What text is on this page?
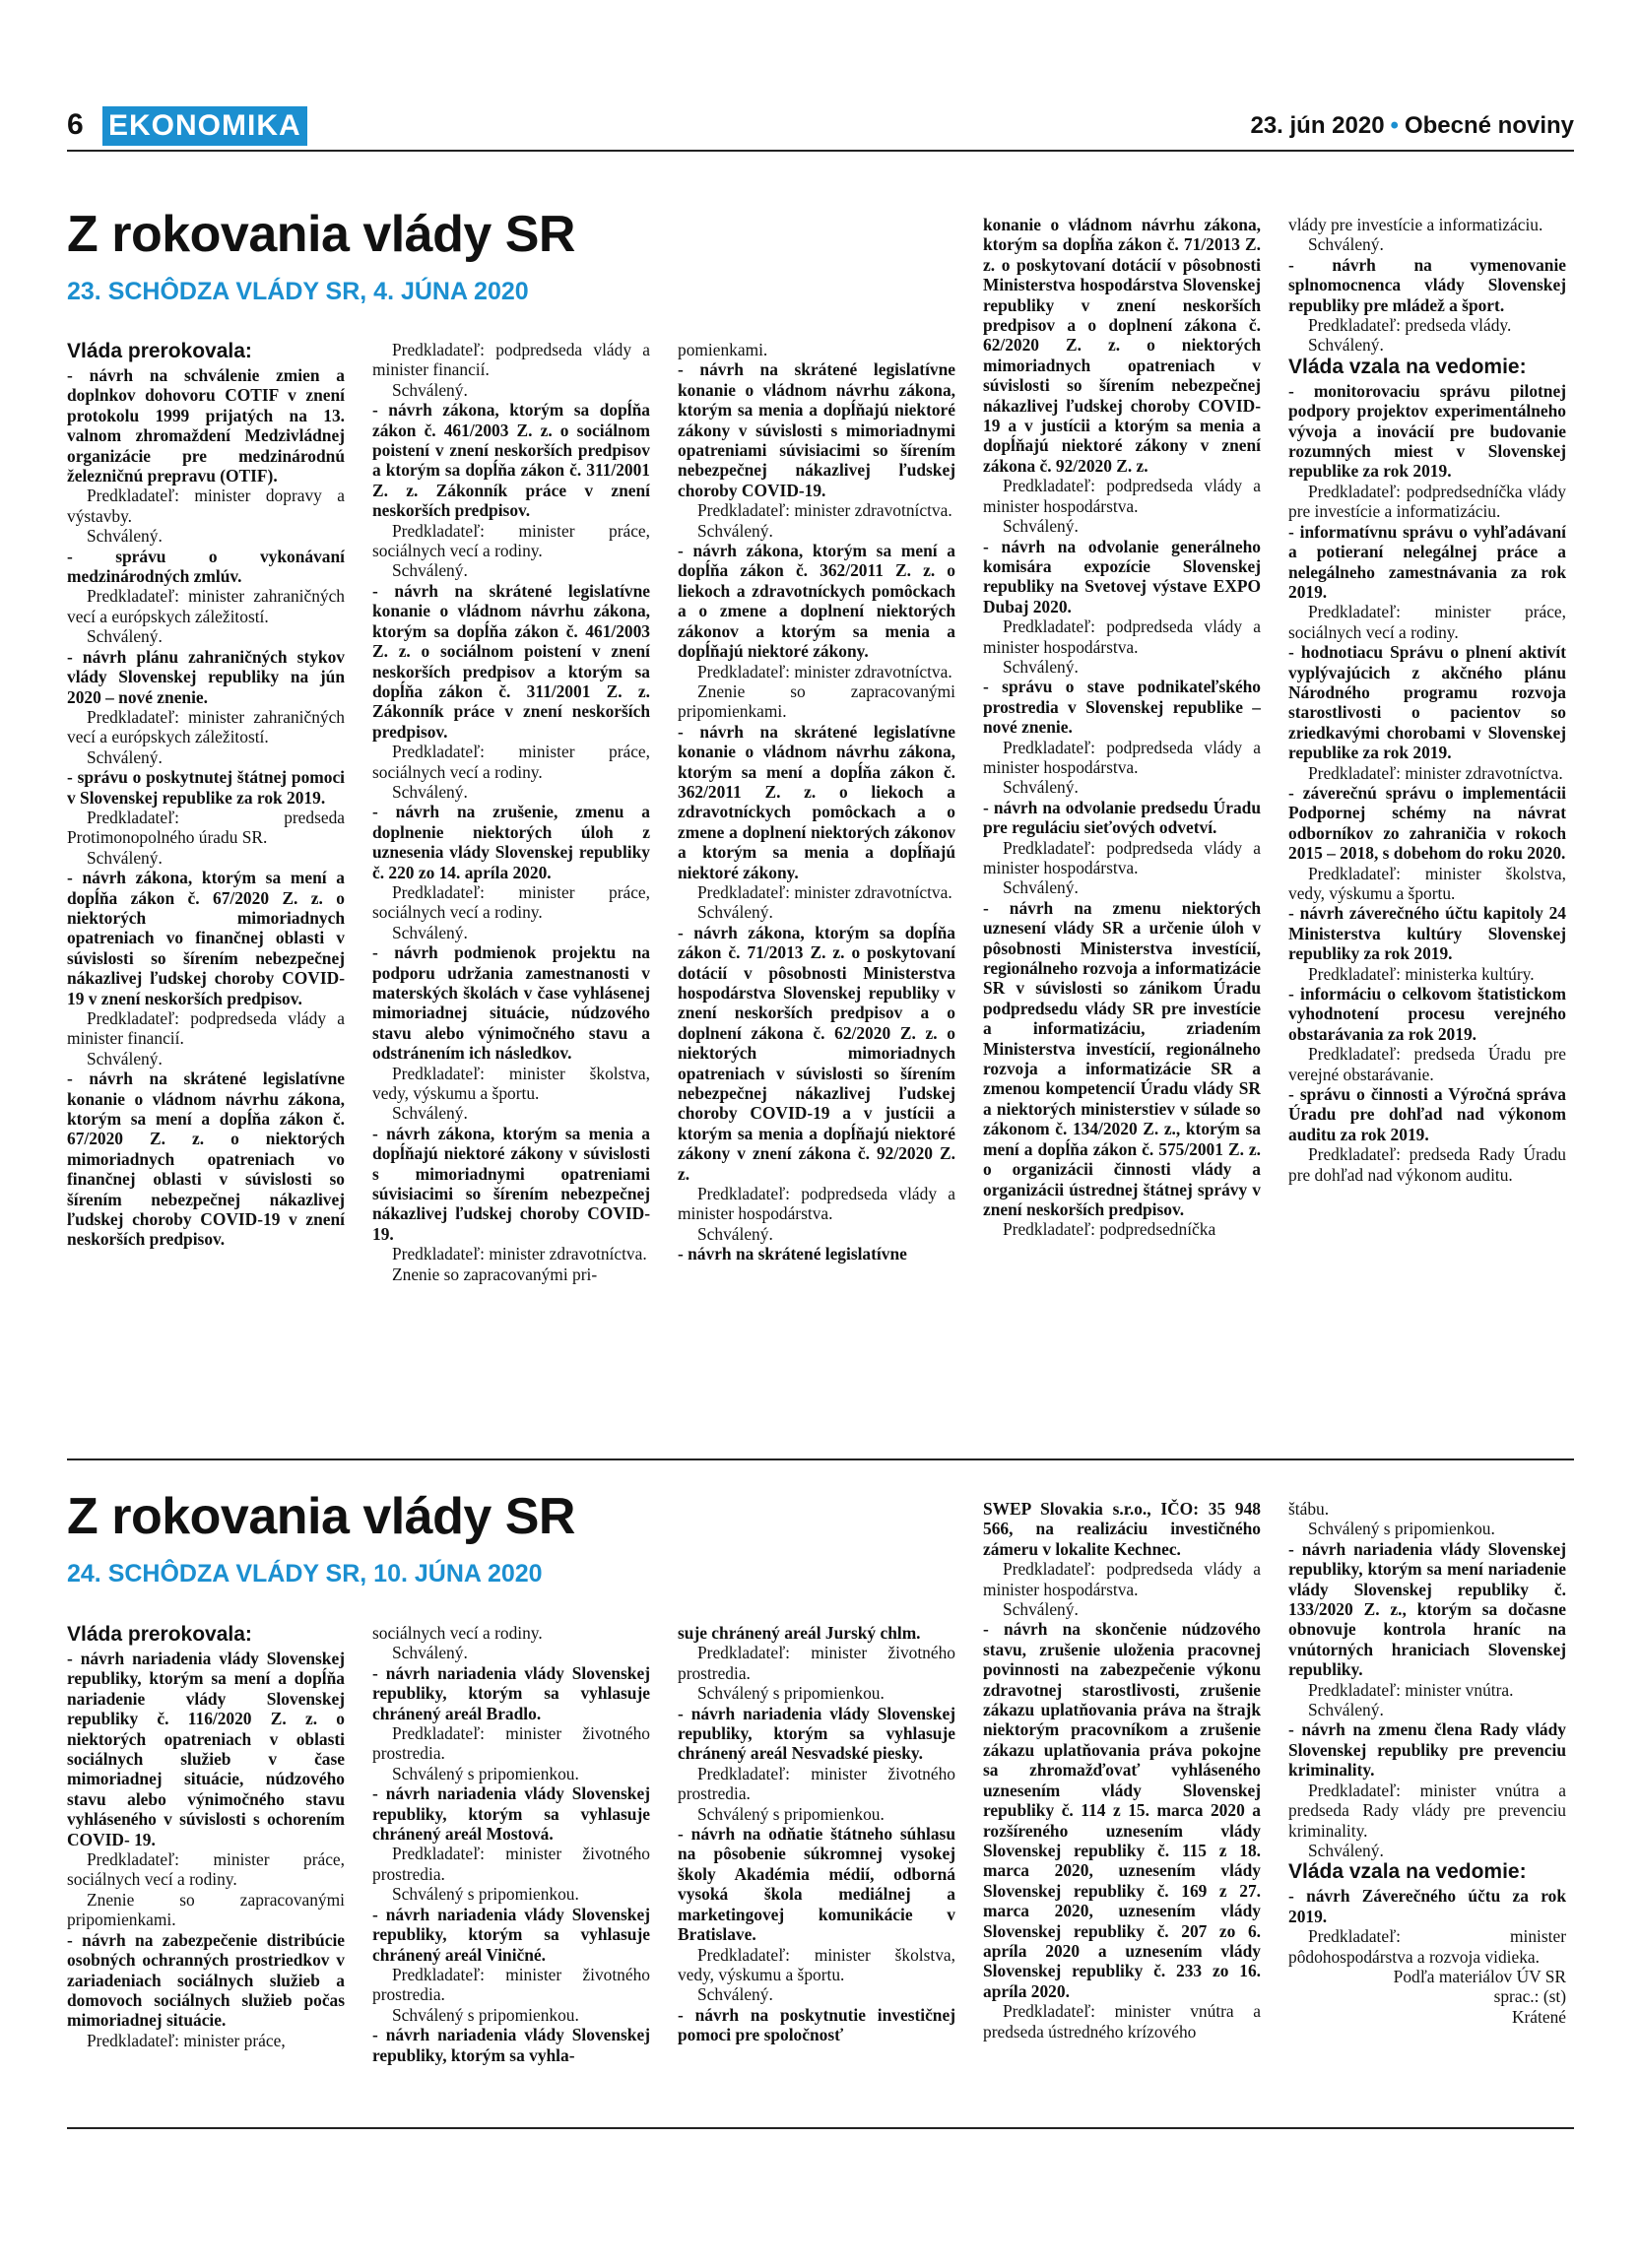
6 EKONOMIKA	23. jún 2020 • Obecné noviny
Z rokovania vlády SR
23. SCHÔDZA VLÁDY SR, 4. JÚNA 2020

Vláda prerokovala:

- návrh na schválenie zmien a doplnkov dohovoru COTIF v znení protokolu 1999 prijatých na 13. valnom zhromaždení Medzivládnej organizácie pre medzinárodnú železničnú prepravu (OTIF).

Predkladateľ: minister dopravy a výstavby.

Schválený.

- správu o vykonávaní medzinárodných zmlúv.

Predkladateľ: minister zahraničných vecí a európskych záležitostí.

Schválený.

- návrh plánu zahraničných stykov vlády Slovenskej republiky na jún 2020 – nové znenie.

Predkladateľ: minister zahraničných vecí a európskych záležitostí.

Schválený.

- správu o poskytnutej štátnej pomoci v Slovenskej republike za rok 2019.

Predkladateľ: predseda Protimonopolného úradu SR.

Schválený.

- návrh zákona, ktorým sa mení a dopĺňa zákon č. 67/2020 Z. z. o niektorých mimoriadnych opatreniach vo finančnej oblasti v súvislosti so šírením nebezpečnej nákazlivej ľudskej choroby COVID-19 v znení neskorších predpisov.

Predkladateľ: podpredseda vlády a minister financií.

Schválený.

- návrh na skrátené legislatívne konanie o vládnom návrhu zákona, ktorým sa mení a dopĺňa zákon č. 67/2020 Z. z. o niektorých mimoriadnych opatreniach vo finančnej oblasti v súvislosti so šírením nebezpečnej nákazlivej ľudskej choroby COVID-19 v znení neskorších predpisov.

Predkladateľ: podpredseda vlády a minister financií.

Schválený.

- návrh zákona, ktorým sa dopĺňa zákon č. 461/2003 Z. z. o sociálnom poistení v znení neskorších predpisov a ktorým sa dopĺňa zákon č. 311/2001 Z. z. Zákonník práce v znení neskorších predpisov.

Predkladateľ: minister práce, sociálnych vecí a rodiny.

Schválený.

- návrh na skrátené legislatívne konanie o vládnom návrhu zákona, ktorým sa dopĺňa zákon č. 461/2003 Z. z. o sociálnom poistení v znení neskorších predpisov a ktorým sa dopĺňa zákon č. 311/2001 Z. z. Zákonník práce v znení neskorších predpisov.

Predkladateľ: minister práce, sociálnych vecí a rodiny.

Schválený.

- návrh na zrušenie, zmenu a doplnenie niektorých úloh z uznesenia vlády Slovenskej republiky č. 220 zo 14. apríla 2020.

Predkladateľ: minister práce, sociálnych vecí a rodiny.

Schválený.

- návrh podmienok projektu na podporu udržania zamestnanosti v materských školách v čase vyhlásenej mimoriadnej situácie, núdzového stavu alebo výnimočného stavu a odstránením ich následkov.

Predkladateľ: minister školstva, vedy, výskumu a športu.

Schválený.

- návrh zákona, ktorým sa menia a dopĺňajú niektoré zákony v súvislosti s mimoriadnymi opatreniami súvisiacimi so šírením nebezpečnej nákazlivej ľudskej choroby COVID-19.

Predkladateľ: minister zdravotníctva.

Znenie so zapracovanými pri-

pomienkami.

- návrh na skrátené legislatívne konanie o vládnom návrhu zákona, ktorým sa menia a dopĺňajú niektoré zákony v súvislosti s mimoriadnymi opatreniami súvisiacimi so šírením nebezpečnej nákazlivej ľudskej choroby COVID-19.

Predkladateľ: minister zdravotníctva.

Schválený.

- návrh zákona, ktorým sa mení a dopĺňa zákon č. 362/2011 Z. z. o liekoch a zdravotníckych pomôckach a o zmene a doplnení niektorých zákonov a ktorým sa menia a dopĺňajú niektoré zákony.

Predkladateľ: minister zdravotníctva.

Znenie so zapracovanými pripomienkami.

- návrh na skrátené legislatívne konanie o vládnom návrhu zákona, ktorým sa mení a dopĺňa zákon č. 362/2011 Z. z. o liekoch a zdravotníckych pomôckach a o zmene a doplnení niektorých zákonov a ktorým sa menia a dopĺňajú niektoré zákony.

Predkladateľ: minister zdravotníctva.

Schválený.

- návrh zákona, ktorým sa dopĺňa zákon č. 71/2013 Z. z. o poskytovaní dotácií v pôsobnosti Ministerstva hospodárstva Slovenskej republiky v znení neskorších predpisov a o doplnení zákona č. 62/2020 Z. z. o niektorých mimoriadnych opatreniach v súvislosti so šírením nebezpečnej nákazlivej ľudskej choroby COVID-19 a v justícii a ktorým sa menia a dopĺňajú niektoré zákony v znení zákona č. 92/2020 Z. z.

Predkladateľ: podpredseda vlády a minister hospodárstva.

Schválený.

- návrh na skrátené legislatívne

konanie o vládnom návrhu zákona, ktorým sa dopĺňa zákon č. 71/2013 Z. z. o poskytovaní dotácií v pôsobnosti Ministerstva hospodárstva Slovenskej republiky v znení neskorších predpisov a o doplnení zákona č. 62/2020 Z. z. o niektorých mimoriadnych opatreniach v súvislosti so šírením nebezpečnej nákazlivej ľudskej choroby COVID-19 a v justícii a ktorým sa menia a dopĺňajú niektoré zákony v znení zákona č. 92/2020 Z. z.

Predkladateľ: podpredseda vlády a minister hospodárstva.

Schválený.

- návrh na odvolanie generálneho komisára expozície Slovenskej republiky na Svetovej výstave EXPO Dubaj 2020.

Predkladateľ: podpredseda vlády a minister hospodárstva.

Schválený.

- správu o stave podnikateľského prostredia v Slovenskej republike – nové znenie.

Predkladateľ: podpredseda vlády a minister hospodárstva.

Schválený.

- návrh na odvolanie predsedu Úradu pre reguláciu sieťových odvetví.

Predkladateľ: podpredseda vlády a minister hospodárstva.

Schválený.

- návrh na zmenu niektorých uznesení vlády SR a určenie úloh v pôsobnosti Ministerstva investícií, regionálneho rozvoja a informatizácie SR v súvislosti so zánikom Úradu podpredsedu vlády SR pre investície a informatizáciu, zriadením Ministerstva investícií, regionálneho rozvoja a informatizácie SR a zmenou kompetencií Úradu vlády SR a niektorých ministerstiev v súlade so zákonom č. 134/2020 Z. z., ktorým sa mení a dopĺňa zákon č. 575/2001 Z. z. o organizácii činnosti vlády a organizácii ústrednej štátnej správy v znení neskorších predpisov.

Predkladateľ: podpredsedníčka

vlády pre investície a informatizáciu.

Schválený.

- návrh na vymenovanie splnomocnenca vlády Slovenskej republiky pre mládež a šport.

Predkladateľ: predseda vlády.

Schválený.

Vláda vzala na vedomie:

- monitorovaciu správu pilotnej podpory projektov experimentálneho vývoja a inovácií pre budovanie rozumných miest v Slovenskej republike za rok 2019.

Predkladateľ: podpredsedníčka vlády pre investície a informatizáciu.

- informatívnu správu o vyhľadávaní a potieraní nelegálnej práce a nelegálneho zamestnávania za rok 2019.

Predkladateľ: minister práce, sociálnych vecí a rodiny.

- hodnotiacu Správu o plnení aktivít vyplývajúcich z akčného plánu Národného programu rozvoja starostlivosti o pacientov so zriedkavými chorobami v Slovenskej republike za rok 2019.

Predkladateľ: minister zdravotníctva.

- záverečnú správu o implementácii Podpornej schémy na návrat odborníkov zo zahraničia v rokoch 2015 – 2018, s dobehom do roku 2020.

Predkladateľ: minister školstva, vedy, výskumu a športu.

- návrh záverečného účtu kapitoly 24 Ministerstva kultúry Slovenskej republiky za rok 2019.

Predkladateľ: ministerka kultúry.

- informáciu o celkovom štatistickom vyhodnotení procesu verejného obstarávania za rok 2019.

Predkladateľ: predseda Úradu pre verejné obstarávanie.

- správu o činnosti a Výročná správa Úradu pre dohľad nad výkonom auditu za rok 2019.

Predkladateľ: predseda Rady Úradu pre dohľad nad výkonom auditu.

Z rokovania vlády SR
24. SCHÔDZA VLÁDY SR, 10. JÚNA 2020

Vláda prerokovala:

- návrh nariadenia vlády Slovenskej republiky, ktorým sa mení a dopĺňa nariadenie vlády Slovenskej republiky č. 116/2020 Z. z. o niektorých opatreniach v oblasti sociálnych služieb v čase mimoriadnej situácie, núdzového stavu alebo výnimočného stavu vyhláseného v súvislosti s ochorením COVID- 19.

Predkladateľ: minister práce, sociálnych vecí a rodiny.

Znenie so zapracovanými pripomienkami.

- návrh na zabezpečenie distribúcie osobných ochranných prostriedkov v zariadeniach sociálnych služieb a domovoch sociálnych služieb počas mimoriadnej situácie.

Predkladateľ: minister práce,

sociálnych vecí a rodiny.

Schválený.

- návrh nariadenia vlády Slovenskej republiky, ktorým sa vyhlasuje chránený areál Bradlo.

Predkladateľ: minister životného prostredia.

Schválený s pripomienkou.

- návrh nariadenia vlády Slovenskej republiky, ktorým sa vyhlasuje chránený areál Mostová.

Predkladateľ: minister životného prostredia.

Schválený s pripomienkou.

- návrh nariadenia vlády Slovenskej republiky, ktorým sa vyhlasuje chránený areál Viničné.

Predkladateľ: minister životného prostredia.

Schválený s pripomienkou.

- návrh nariadenia vlády Slovenskej republiky, ktorým sa vyhla-

suje chránený areál Jurský chlm.

Predkladateľ: minister životného prostredia.

Schválený s pripomienkou.

- návrh nariadenia vlády Slovenskej republiky, ktorým sa vyhlasuje chránený areál Nesvadské piesky.

Predkladateľ: minister životného prostredia.

Schválený s pripomienkou.

- návrh na odňatie štátneho súhlasu na pôsobenie súkromnej vysokej školy Akadémia médií, odborná vysoká škola mediálnej a marketingovej komunikácie v Bratislave.

Predkladateľ: minister školstva, vedy, výskumu a športu.

Schválený.

- návrh na poskytnutie investičnej pomoci pre spoločnosť

SWEP Slovakia s.r.o., IČO: 35 948 566, na realizáciu investičného zámeru v lokalite Kechnec.

Predkladateľ: podpredseda vlády a minister hospodárstva.

Schválený.

- návrh na skončenie núdzového stavu, zrušenie uloženia pracovnej povinnosti na zabezpečenie výkonu zdravotnej starostlivosti, zrušenie zákazu uplatňovania práva na štrajk niektorým pracovníkom a zrušenie zákazu uplatňovania práva pokojne sa zhromažďovať vyhláseného uznesením vlády Slovenskej republiky č. 114 z 15. marca 2020 a rozšíreného uznesením vlády Slovenskej republiky č. 115 z 18. marca 2020, uznesením vlády Slovenskej republiky č. 169 z 27. marca 2020, uznesením vlády Slovenskej republiky č. 207 zo 6. apríla 2020 a uznesením vlády Slovenskej republiky č. 233 zo 16. apríla 2020.

Predkladateľ: minister vnútra a predseda ústredného krízového

štábu.

Schválený s pripomienkou.

- návrh nariadenia vlády Slovenskej republiky, ktorým sa mení nariadenie vlády Slovenskej republiky č. 133/2020 Z. z., ktorým sa dočasne obnovuje kontrola hraníc na vnútorných hraniciach Slovenskej republiky.

Predkladateľ: minister vnútra.

Schválený.

- návrh na zmenu člena Rady vlády Slovenskej republiky pre prevenciu kriminality.

Predkladateľ: minister vnútra a predseda Rady vlády pre prevenciu kriminality.

Schválený.

Vláda vzala na vedomie:

- návrh Záverečného účtu za rok 2019.

Predkladateľ: minister pôdohospodárstva a rozvoja vidieka.

Podľa materiálov ÚV SR

sprac.: (st)

Krátené
